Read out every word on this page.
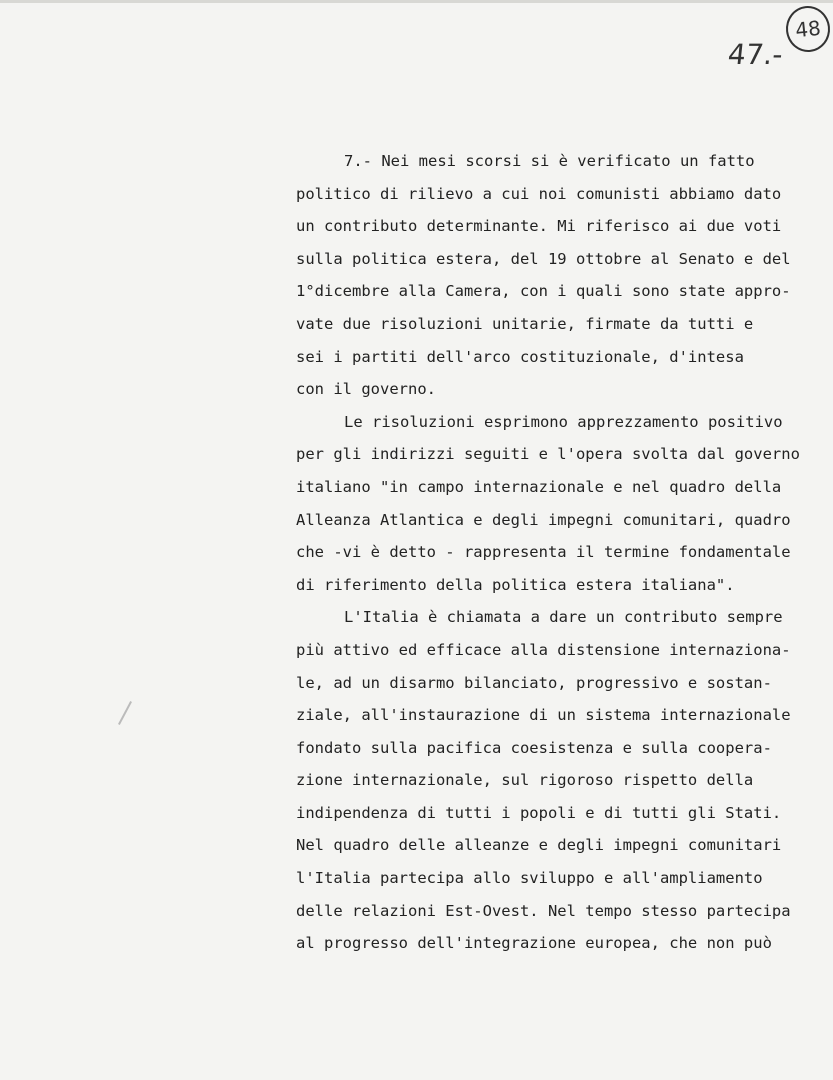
47.-
48
7.- Nei mesi scorsi si è verificato un fatto
politico di rilievo a cui noi comunisti abbiamo dato
un contributo determinante. Mi riferisco ai due voti
sulla politica estera, del 19 ottobre al Senato e del
1°dicembre alla Camera, con i quali sono state appro-
vate due risoluzioni unitarie, firmate da tutti e
sei i partiti dell'arco costituzionale, d'intesa
con il governo.
Le risoluzioni esprimono apprezzamento positivo
per gli indirizzi seguiti e l'opera svolta dal governo
italiano "in campo internazionale e nel quadro della
Alleanza Atlantica e degli impegni comunitari, quadro
che -vi è detto - rappresenta il termine fondamentale
di riferimento della politica estera italiana".
L'Italia è chiamata a dare un contributo sempre
più attivo ed efficace alla distensione internaziona-
le, ad un disarmo bilanciato, progressivo e sostan-
ziale, all'instaurazione di un sistema internazionale
fondato sulla pacifica coesistenza e sulla coopera-
zione internazionale, sul rigoroso rispetto della
indipendenza di tutti i popoli e di tutti gli Stati.
Nel quadro delle alleanze e degli impegni comunitari
l'Italia partecipa allo sviluppo e all'ampliamento
delle relazioni Est-Ovest. Nel tempo stesso partecipa
al progresso dell'integrazione europea, che non può
